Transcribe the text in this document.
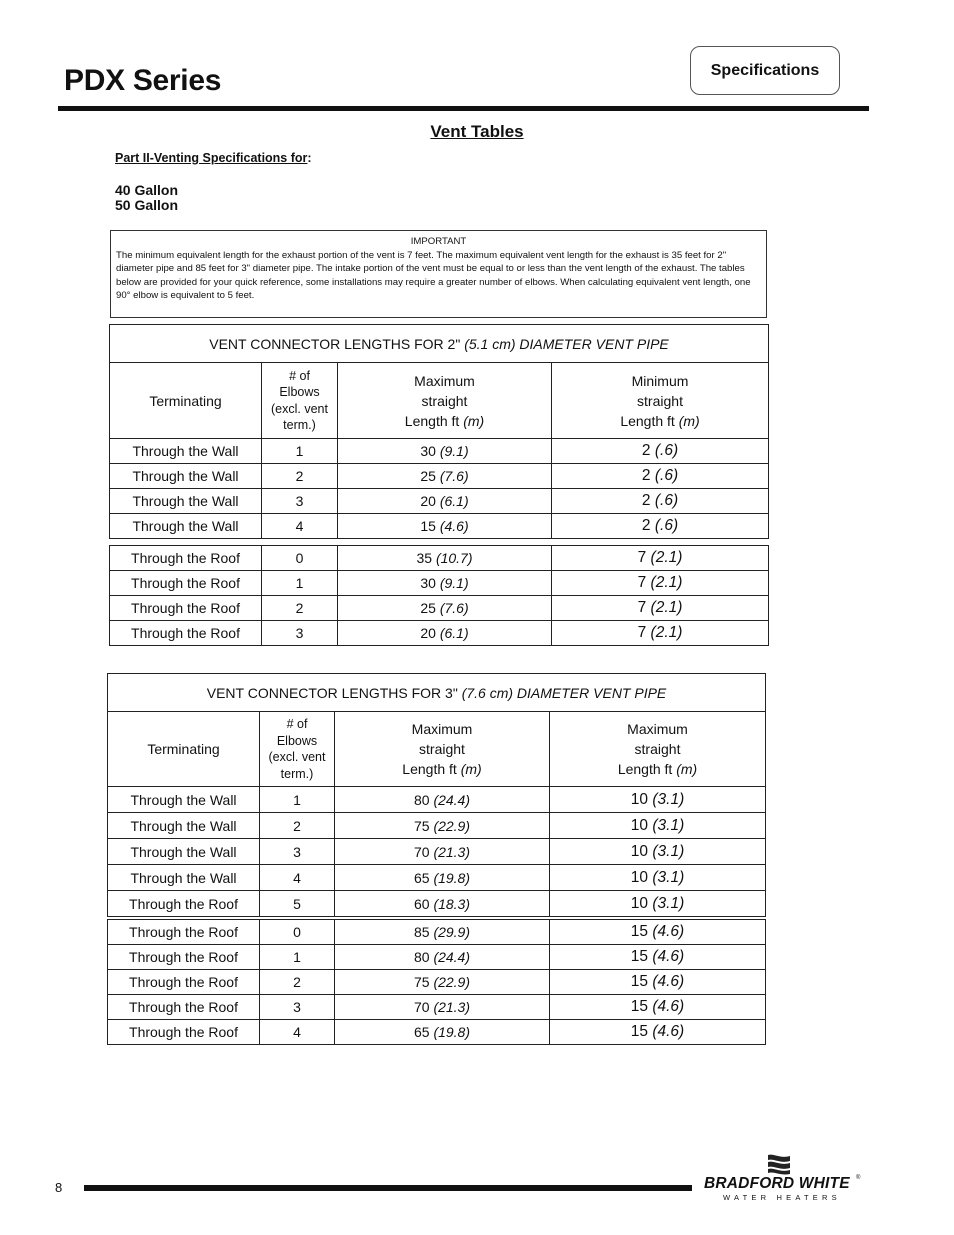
PDX Series	Specifications
Vent Tables
Part II-Venting Specifications for:
40 Gallon
50 Gallon
IMPORTANT
The minimum equivalent length for the exhaust portion of the vent is 7 feet. The maximum equivalent vent length for the exhaust is 35 feet for 2" diameter pipe and 85 feet for 3" diameter pipe. The intake portion of the vent must be equal to or less than the vent length of the exhaust. The tables below are provided for your quick reference, some installations may require a greater number of elbows. When calculating equivalent vent length, one 90° elbow is equivalent to 5 feet.
VENT CONNECTOR LENGTHS FOR 2" (5.1 cm) DIAMETER VENT PIPE			
Terminating	# of
Elbows
(excl. vent
term.)	Maximum
straight
Length ft (m)	Minimum
straight
Length ft (m)
Through the Wall	1	30 (9.1)	2 (.6)
Through the Wall	2	25 (7.6)	2 (.6)
Through the Wall	3	20 (6.1)	2 (.6)
Through the Wall	4	15 (4.6)	2 (.6)
Through the Roof	0	35 (10.7)	7 (2.1)
Through the Roof	1	30 (9.1)	7 (2.1)
Through the Roof	2	25 (7.6)	7 (2.1)
Through the Roof	3	20 (6.1)	7 (2.1)
VENT CONNECTOR LENGTHS FOR 3" (7.6 cm) DIAMETER VENT PIPE			
Terminating	# of
Elbows
(excl. vent
term.)	Maximum
straight
Length ft (m)	Maximum
straight
Length ft (m)
Through the Wall	1	80 (24.4)	10 (3.1)
Through the Wall	2	75 (22.9)	10 (3.1)
Through the Wall	3	70 (21.3)	10 (3.1)
Through the Wall	4	65 (19.8)	10 (3.1)
Through the Roof	5	60 (18.3)	10 (3.1)
Through the Roof	0	85 (29.9)	15 (4.6)
Through the Roof	1	80 (24.4)	15 (4.6)
Through the Roof	2	75 (22.9)	15 (4.6)
Through the Roof	3	70 (21.3)	15 (4.6)
Through the Roof	4	65 (19.8)	15 (4.6)
8	BRADFORD WHITE ®
WATER HEATERS
